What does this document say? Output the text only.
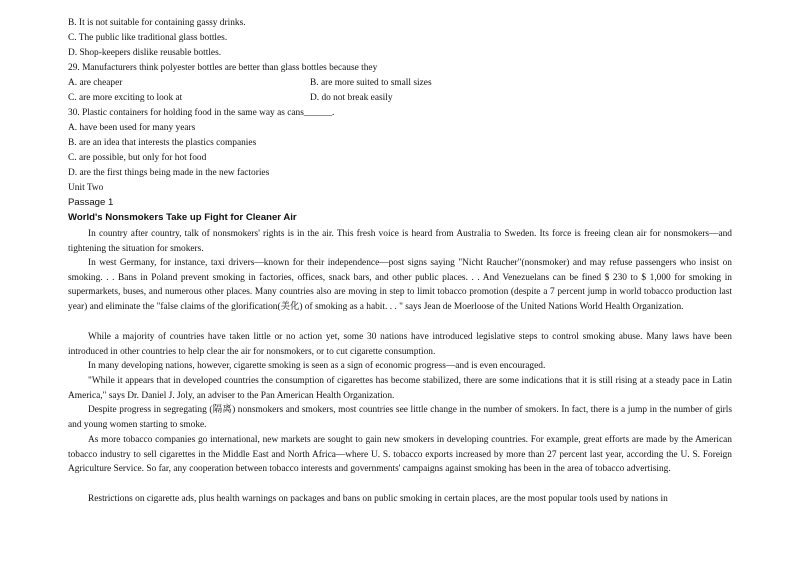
B. It is not suitable for containing gassy drinks.
C. The public like traditional glass bottles.
D. Shop-keepers dislike reusable bottles.
29. Manufacturers think polyester bottles are better than glass bottles because they
A. are cheaper	B. are more suited to small sizes
C. are more exciting to look at	D. do not break easily
30. Plastic containers for holding food in the same way as cans______.
A. have been used for many years
B. are an idea that interests the plastics companies
C. are possible, but only for hot food
D. are the first things being made in the new factories
Unit Two
Passage 1
World's Nonsmokers Take up Fight for Cleaner Air

In country after country, talk of nonsmokers' rights is in the air. This fresh voice is heard from Australia to Sweden. Its force is freeing clean air for nonsmokers—and tightening the situation for smokers.

In west Germany, for instance, taxi drivers—known for their independence—post signs saying "Nicht Raucher"(nonsmoker) and may refuse passengers who insist on smoking. . . Bans in Poland prevent smoking in factories, offices, snack bars, and other public places. . . And Venezuelans can be fined $ 230 to $ 1,000 for smoking in supermarkets, buses, and numerous other places. Many countries also are moving in step to limit tobacco promotion (despite a 7 percent jump in world tobacco production last year) and eliminate the "false claims of the glorification(美化) of smoking as a habit. . . " says Jean de Moerloose of the United Nations World Health Organization.

While a majority of countries have taken little or no action yet, some 30 nations have introduced legislative steps to control smoking abuse. Many laws have been introduced in other countries to help clear the air for nonsmokers, or to cut cigarette consumption.

In many developing nations, however, cigarette smoking is seen as a sign of economic progress—and is even encouraged.

"While it appears that in developed countries the consumption of cigarettes has become stabilized, there are some indications that it is still rising at a steady pace in Latin America," says Dr. Daniel J. Joly, an adviser to the Pan American Health Organization.

Despite progress in segregating (隔离) nonsmokers and smokers, most countries see little change in the number of smokers. In fact, there is a jump in the number of girls and young women starting to smoke.

As more tobacco companies go international, new markets are sought to gain new smokers in developing countries. For example, great efforts are made by the American tobacco industry to sell cigarettes in the Middle East and North Africa—where U. S. tobacco exports increased by more than 27 percent last year, according the U. S. Foreign Agriculture Service. So far, any cooperation between tobacco interests and governments' campaigns against smoking has been in the area of tobacco advertising.

Restrictions on cigarette ads, plus health warnings on packages and bans on public smoking in certain places, are the most popular tools used by nations in
